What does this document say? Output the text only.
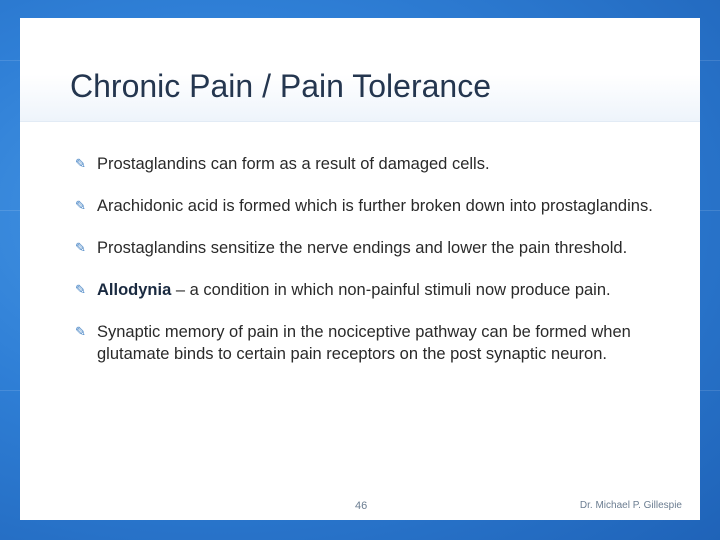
Chronic Pain / Pain Tolerance
✎ Prostaglandins can form as a result of damaged cells.
✎ Arachidonic acid is formed which is further broken down into prostaglandins.
✎ Prostaglandins sensitize the nerve endings and lower the pain threshold.
✎ Allodynia – a condition in which non-painful stimuli now produce pain.
✎ Synaptic memory of pain in the nociceptive pathway can be formed when glutamate binds to certain pain receptors on the post synaptic neuron.
46	Dr. Michael P. Gillespie
